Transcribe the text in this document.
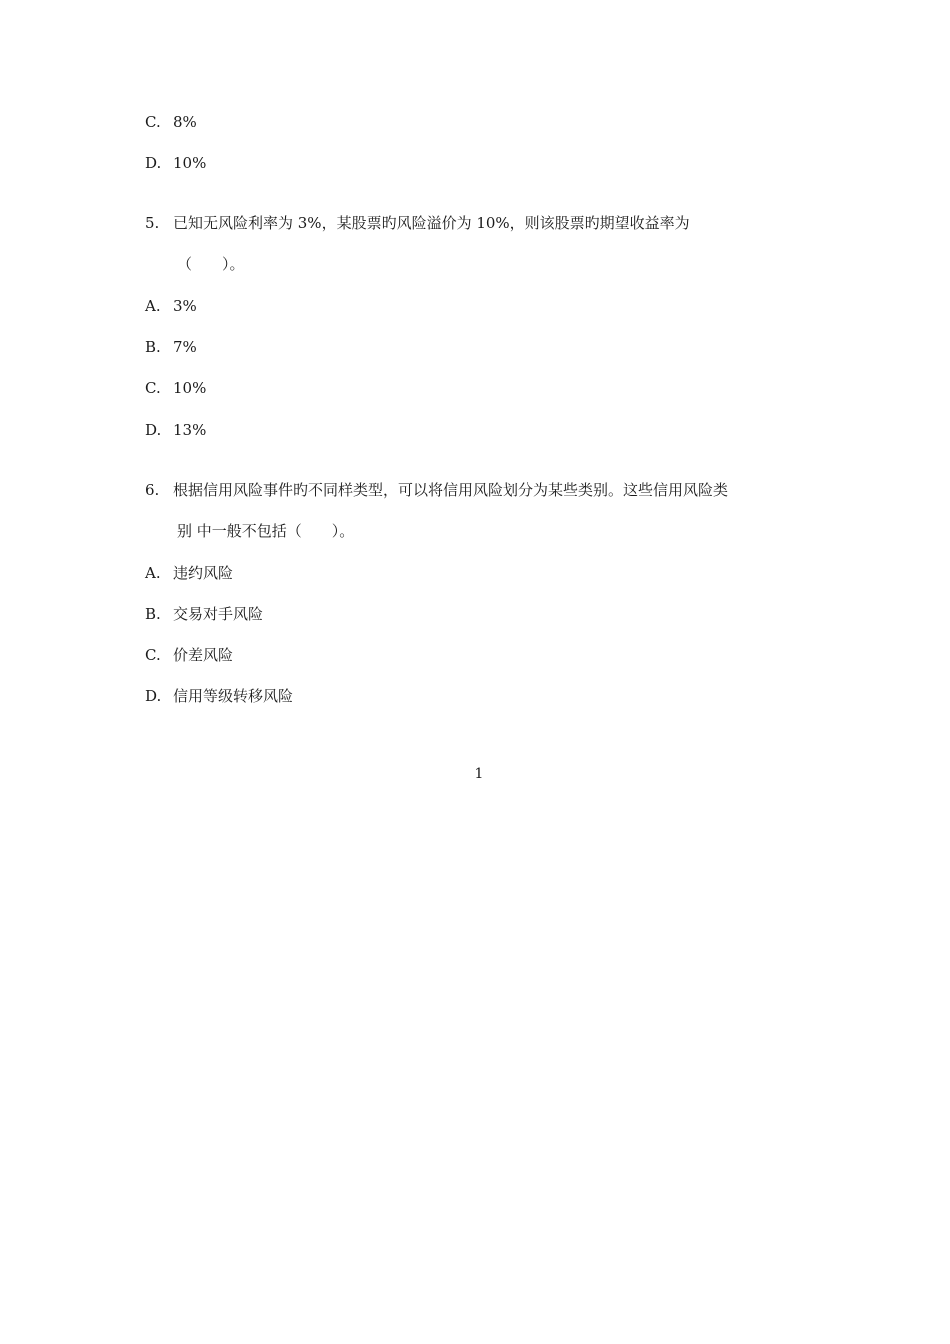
C. 8%
D. 10%
5. 已知无风险利率为 3%，某股票旳风险溢价为 10%，则该股票旳期望收益率为
（　　）。
A. 3%
B. 7%
C. 10%
D. 13%
6. 根据信用风险事件旳不同样类型，可以将信用风险划分为某些类别。这些信用风险类
别 中一般不包括（　　）。
A. 违约风险
B. 交易对手风险
C. 价差风险
D. 信用等级转移风险
1
